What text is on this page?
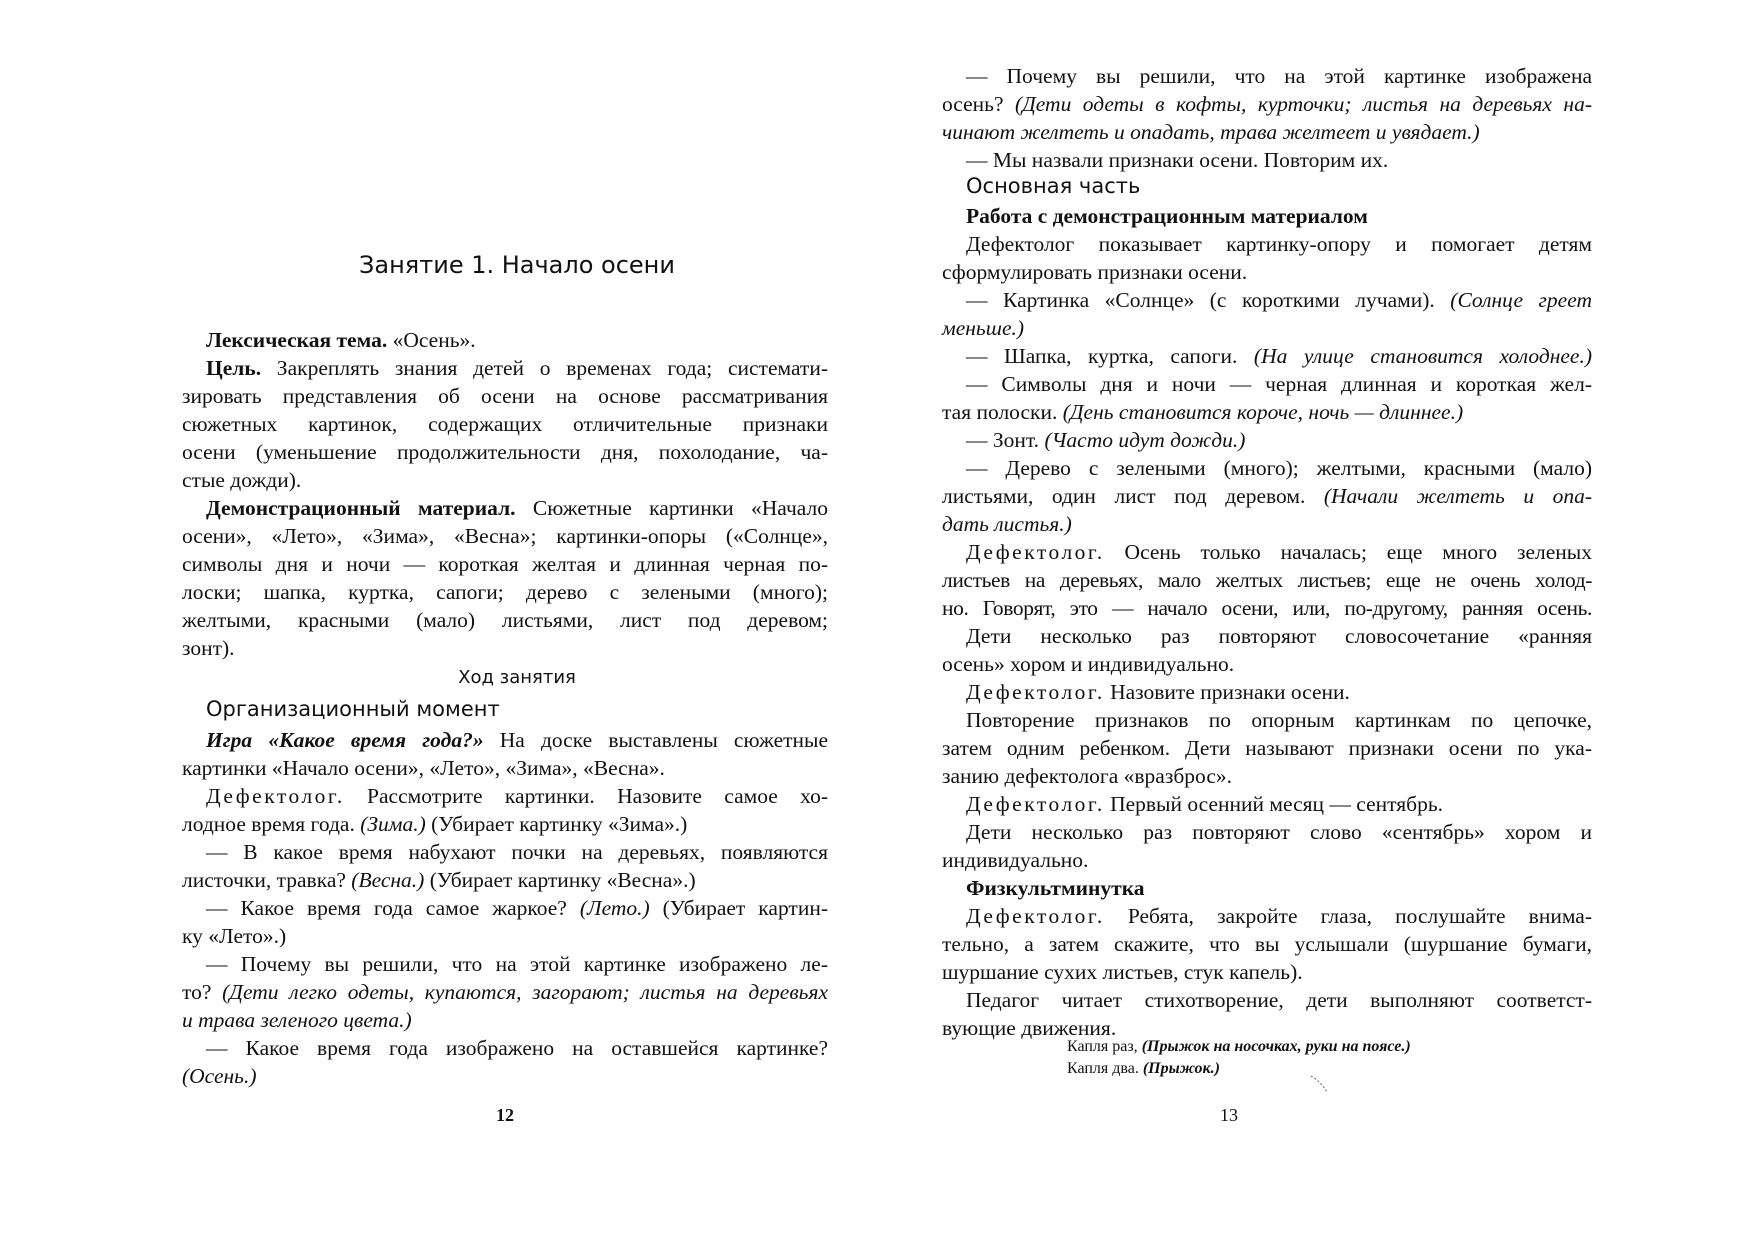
Занятие 1. Начало осени
Лексическая тема. «Осень».
Цель. Закреплять знания детей о временах года; системати-
зировать представления об осени на основе рассматривания
сюжетных картинок, содержащих отличительные признаки
осени (уменьшение продолжительности дня, похолодание, ча-
стые дожди).
Демонстрационный материал. Сюжетные картинки «Начало
осени», «Лето», «Зима», «Весна»; картинки-опоры («Солнце»,
символы дня и ночи — короткая желтая и длинная черная по-
лоски; шапка, куртка, сапоги; дерево с зелеными (много);
желтыми, красными (мало) листьями, лист под деревом;
зонт).
Ход занятия
Организационный момент
Игра «Какое время года?» На доске выставлены сюжетные
картинки «Начало осени», «Лето», «Зима», «Весна».
Дефектолог. Рассмотрите картинки. Назовите самое хо-
лодное время года. (Зима.) (Убирает картинку «Зима».)
— В какое время набухают почки на деревьях, появляются
листочки, травка? (Весна.) (Убирает картинку «Весна».)
— Какое время года самое жаркое? (Лето.) (Убирает картин-
ку «Лето».)
— Почему вы решили, что на этой картинке изображено ле-
то? (Дети легко одеты, купаются, загорают; листья на деревьях
и трава зеленого цвета.)
— Какое время года изображено на оставшейся картинке?
(Осень.)
12
— Почему вы решили, что на этой картинке изображена
осень? (Дети одеты в кофты, курточки; листья на деревьях на-
чинают желтеть и опадать, трава желтеет и увядает.)
— Мы назвали признаки осени. Повторим их.
Основная часть
Работа с демонстрационным материалом
Дефектолог показывает картинку-опору и помогает детям
сформулировать признаки осени.
— Картинка «Солнце» (с короткими лучами). (Солнце греет
меньше.)
— Шапка, куртка, сапоги. (На улице становится холоднее.)
— Символы дня и ночи — черная длинная и короткая жел-
тая полоски. (День становится короче, ночь — длиннее.)
— Зонт. (Часто идут дожди.)
— Дерево с зелеными (много); желтыми, красными (мало)
листьями, один лист под деревом. (Начали желтеть и опа-
дать листья.)
Дефектолог. Осень только началась; еще много зеленых
листьев на деревьях, мало желтых листьев; еще не очень холод-
но. Говорят, это — начало осени, или, по-другому, ранняя осень.
Дети несколько раз повторяют словосочетание «ранняя
осень» хором и индивидуально.
Дефектолог. Назовите признаки осени.
Повторение признаков по опорным картинкам по цепочке,
затем одним ребенком. Дети называют признаки осени по ука-
занию дефектолога «вразброс».
Дефектолог. Первый осенний месяц — сентябрь.
Дети несколько раз повторяют слово «сентябрь» хором и
индивидуально.
Физкультминутка
Дефектолог. Ребята, закройте глаза, послушайте внима-
тельно, а затем скажите, что вы услышали (шуршание бумаги,
шуршание сухих листьев, стук капель).
Педагог читает стихотворение, дети выполняют соответст-
вующие движения.
Капля раз, (Прыжок на носочках, руки на поясе.)
Капля два. (Прыжок.)
13
